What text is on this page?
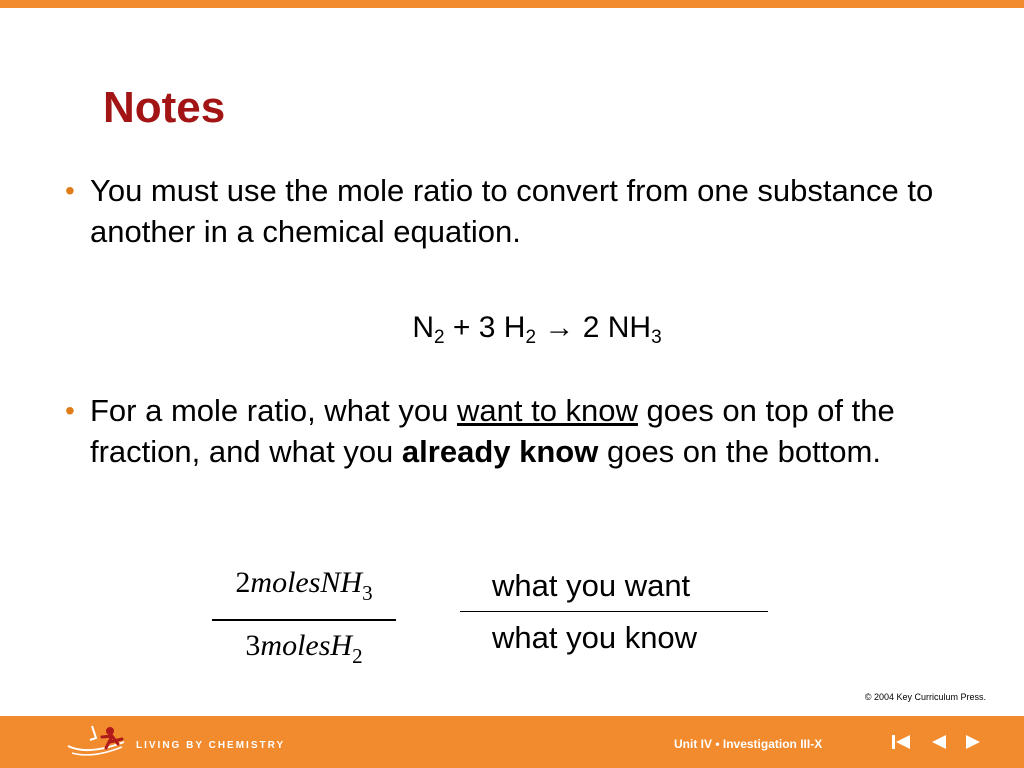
Notes
• You must use the mole ratio to convert from one substance to another in a chemical equation.
$N_2 + 3$ $H_2 \to 2$ $NH_3$
• For a mole ratio, what you want to know goes on top of the fraction, and what you already know goes on the bottom.
2molesNH$_3$
3molesH$_2$
what you want
what you know
© 2004 Key Curriculum Press.
LIVING BY CHEMISTRY	Unit IV • Investigation III-X
